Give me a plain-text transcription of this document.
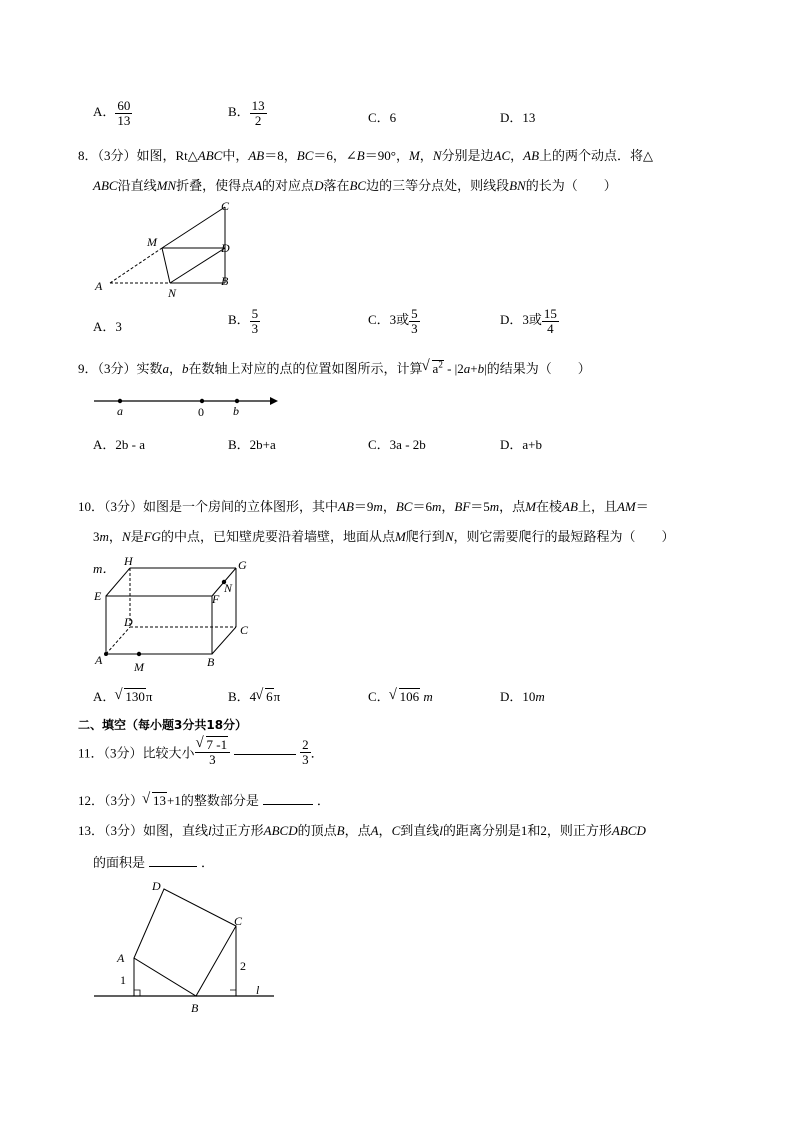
A． $\frac{60}{13}$	B． $\frac{13}{2}$	C．6	D．13
8．（3分）如图，Rt△ABC中，AB＝8，BC＝6，∠B＝90°，M，N分别是边AC，AB上的两个动点．将△
ABC沿直线MN折叠，使得点A的对应点D落在BC边的三等分点处，则线段BN的长为（　　）
C
M	D
A	N
B
A．3	B． $\frac{5}{3}$	C．3或 $\frac{5}{3}$	D．3或 $\frac{15}{4}$
9．（3分）实数a，b在数轴上对应的点的位置如图所示，计算 √ $a^2 - |2a+b|$的结果为（　　）
a	0 b
A．2b - a	B．2b+a	C．3a - 2b	D．a+b
10．（3分）如图是一个房间的立体图形，其中AB＝9m，BC＝6m，BF＝5m，点M在棱AB上，且AM＝
3m，N是FG的中点，已知壁虎要沿着墙壁，地面从点M爬行到N，则它需要爬行的最短路程为（　　）
m． H	G
E
N
F
D
C
A	M	B
A． √ 130π	B．4 √ 6π	C． √ 106 m	D．10m
二、填空（每小题3分共18分）
11．（3分）比较大小 √ $\frac{7 -1}{3}$	$\frac{2}{3}$ ．
12．（3分） √ 13+1的整数部分是	．
13．（3分）如图，直线l过正方形ABCD的顶点B，点A，C到直线l的距离分别是1和2，则正方形ABCD
的面积是	．
D
C
A
1
2
l
B
